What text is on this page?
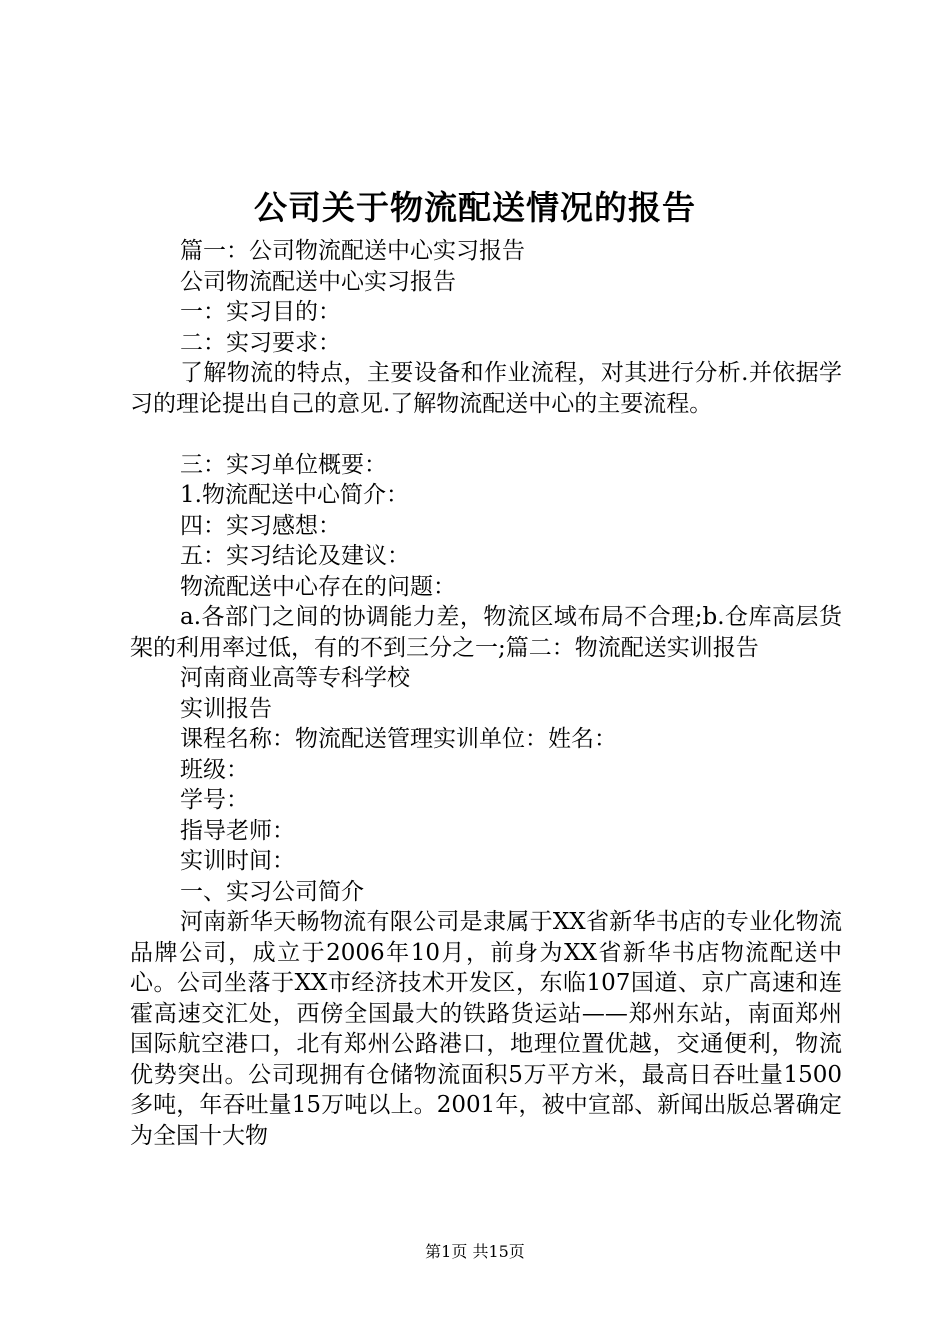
公司关于物流配送情况的报告
篇一：公司物流配送中心实习报告
公司物流配送中心实习报告
一：实习目的：
二：实习要求：
了解物流的特点，主要设备和作业流程，对其进行分析.并依据学习的理论提出自己的意见.了解物流配送中心的主要流程。
三：实习单位概要：
1.物流配送中心简介：
四：实习感想：
五：实习结论及建议：
物流配送中心存在的问题：
a.各部门之间的协调能力差，物流区域布局不合理;b.仓库高层货架的利用率过低，有的不到三分之一;篇二：物流配送实训报告
河南商业高等专科学校
实训报告
课程名称：物流配送管理实训单位：姓名：
班级：
学号：
指导老师：
实训时间：
一、实习公司简介
河南新华天畅物流有限公司是隶属于XX省新华书店的专业化物流品牌公司，成立于2006年10月，前身为XX省新华书店物流配送中心。公司坐落于XX市经济技术开发区，东临107国道、京广高速和连霍高速交汇处，西傍全国最大的铁路货运站——郑州东站，南面郑州国际航空港口，北有郑州公路港口，地理位置优越，交通便利，物流优势突出。公司现拥有仓储物流面积5万平方米，最高日吞吐量1500多吨，年吞吐量15万吨以上。2001年，被中宣部、新闻出版总署确定为全国十大物
第1页 共15页
